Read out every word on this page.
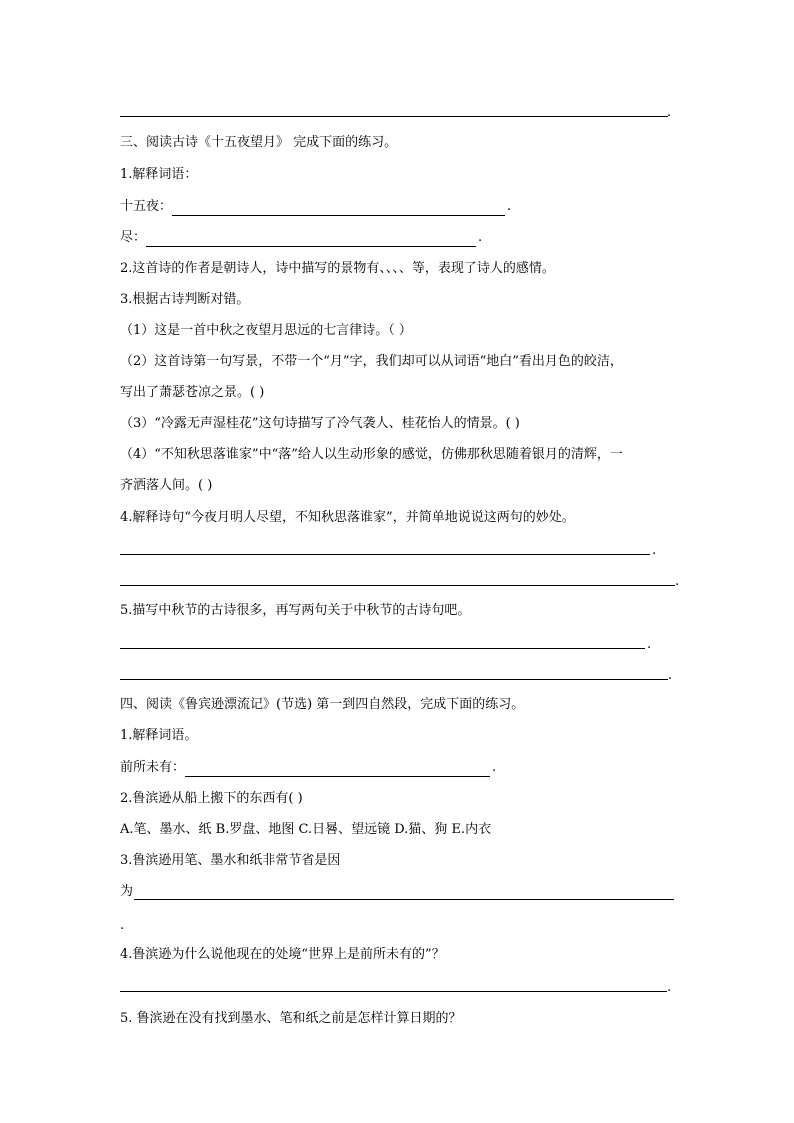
.
三、阅读古诗《十五夜望月》 完成下面的练习。
1.解释词语：
十五夜：	.
尽：	.
2.这首诗的作者是朝诗人，诗中描写的景物有、、、、等，表现了诗人的感情。
3.根据古诗判断对错。
（1）这是一首中秋之夜望月思远的七言律诗。（ ）
（2）这首诗第一句写景，不带一个“月”字，我们却可以从词语“地白”看出月色的皎洁，
写出了萧瑟苍凉之景。( )
（3）“冷露无声湿桂花”这句诗描写了冷气袭人、桂花怡人的情景。( )
（4）“不知秋思落谁家”中“落”给人以生动形象的感觉，仿佛那秋思随着银月的清辉，一
齐洒落人间。( )
4.解释诗句“今夜月明人尽望，不知秋思落谁家”，并简单地说说这两句的妙处。
.
.
5.描写中秋节的古诗很多，再写两句关于中秋节的古诗句吧。
.
.
四、阅读《鲁宾逊漂流记》(节选) 第一到四自然段，完成下面的练习。
1.解释词语。
前所未有：	.
2.鲁滨逊从船上搬下的东西有( )
A.笔、墨水、纸 B.罗盘、地图 C.日晷、望远镜 D.猫、狗 E.内衣
3.鲁滨逊用笔、墨水和纸非常节省是因
为
.
4.鲁滨逊为什么说他现在的处境“世界上是前所未有的”？
.
5. 鲁滨逊在没有找到墨水、笔和纸之前是怎样计算日期的？
